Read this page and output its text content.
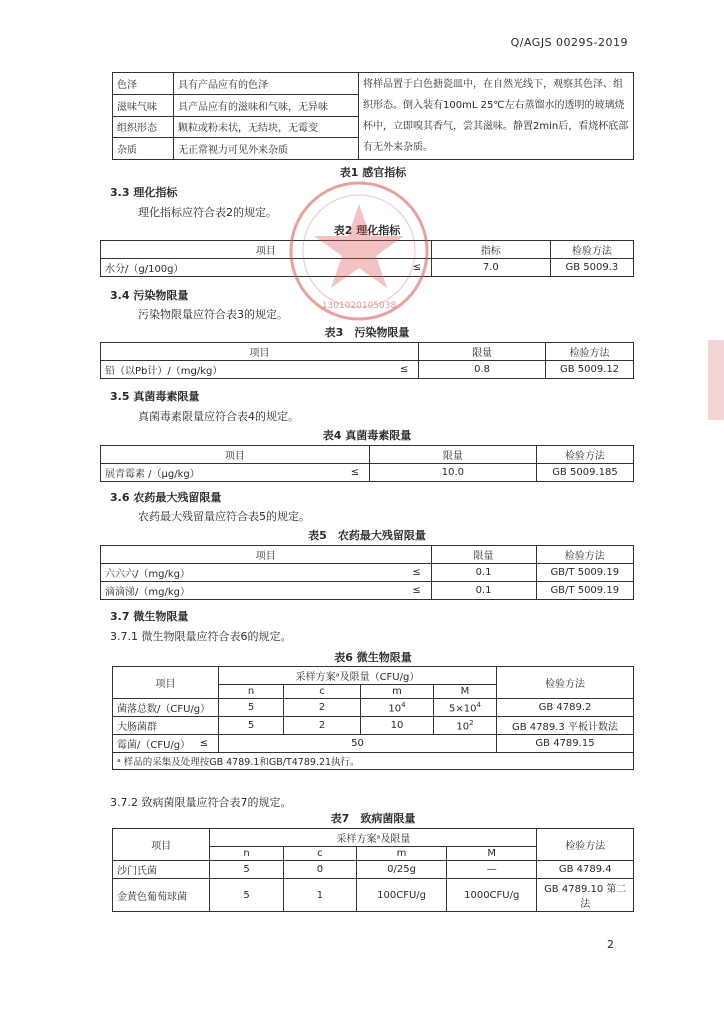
Q/AGJS 0029S-2019
色泽	具有产品应有的色泽	将样品置于白色搪瓷皿中，在自然光线下，观察其色泽、组织形态。倒入装有100mL 25℃左右蒸馏水的透明的玻璃烧杯中，立即嗅其香气，尝其滋味。静置2min后，看烧杯底部有无外来杂质。
滋味气味	具产品应有的滋味和气味，无异味	
组织形态	颗粒或粉末状，无结块，无霉变	
杂质	无正常视力可见外来杂质	
表1 感官指标
3.3 理化指标
理化指标应符合表2的规定。
表2 理化指标
项目		指标	检验方法
水分/（g/100g）	≤	7.0	GB 5009.3
3.4 污染物限量
污染物限量应符合表3的规定。
表3　污染物限量
项目		限量	检验方法
铅（以Pb计）/（mg/kg）	≤	0.8	GB 5009.12
3.5 真菌毒素限量
真菌毒素限量应符合表4的规定。
表4 真菌毒素限量
项目		限量	检验方法
展青霉素 /（μg/kg）	≤	10.0	GB 5009.185
3.6 农药最大残留限量
农药最大残留量应符合表5的规定。
表5　农药最大残留限量
项目		限量	检验方法
六六六/（mg/kg）	≤	0.1	GB/T 5009.19
滴滴涕/（mg/kg）	≤	0.1	GB/T 5009.19
3.7 微生物限量
3.7.1 微生物限量应符合表6的规定。
表6 微生物限量
项目		采样方案ᵃ及限量（CFU/g）				检验方法
		n	c	m	M	
菌落总数/（CFU/g）		5	2	$10^4$	$5\times 10^4$	GB 4789.2
大肠菌群		5	2	10	$10^2$	GB 4789.3 平板计数法
霉菌/（CFU/g）	≤	50				GB 4789.15
ᵃ 样品的采集及处理按GB 4789.1和GB/T4789.21执行。						
3.7.2 致病菌限量应符合表7的规定。
表7　致病菌限量
项目	采样方案ᵃ及限量				检验方法
	n	c	m	M	
沙门氏菌	5	0	0/25g	—	GB 4789.4
金黄色葡萄球菌	5	1	100CFU/g	1000CFU/g	GB 4789.10 第二法
2
1301020105038
